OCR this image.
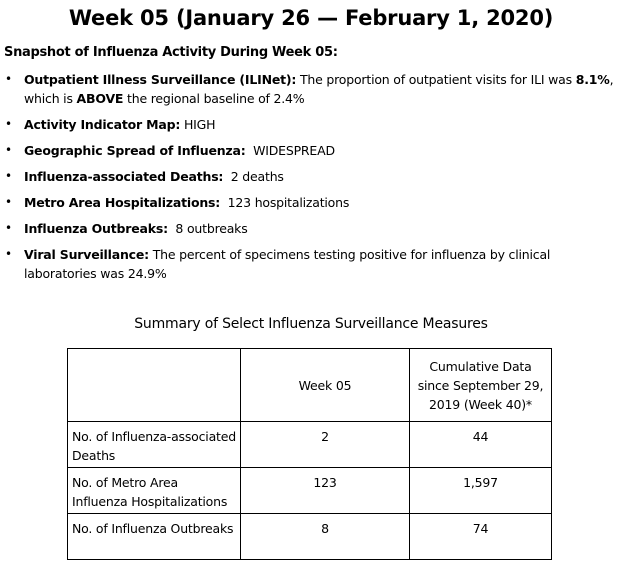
Week 05 (January 26 — February 1, 2020)
Snapshot of Influenza Activity During Week 05:
• Outpatient Illness Surveillance (ILINet): The proportion of outpatient visits for ILI was 8.1%, which is ABOVE the regional baseline of 2.4%
• Activity Indicator Map: HIGH
• Geographic Spread of Influenza:  WIDESPREAD
• Influenza-associated Deaths:  2 deaths
• Metro Area Hospitalizations:  123 hospitalizations
• Influenza Outbreaks:  8 outbreaks
• Viral Surveillance: The percent of specimens testing positive for influenza by clinical laboratories was 24.9%
Summary of Select Influenza Surveillance Measures
	Week 05	Cumulative Data since September 29, 2019 (Week 40)*
No. of Influenza-associated Deaths	2	44
No. of Metro Area Influenza Hospitalizations	123	1,597
No. of Influenza Outbreaks	8	74
